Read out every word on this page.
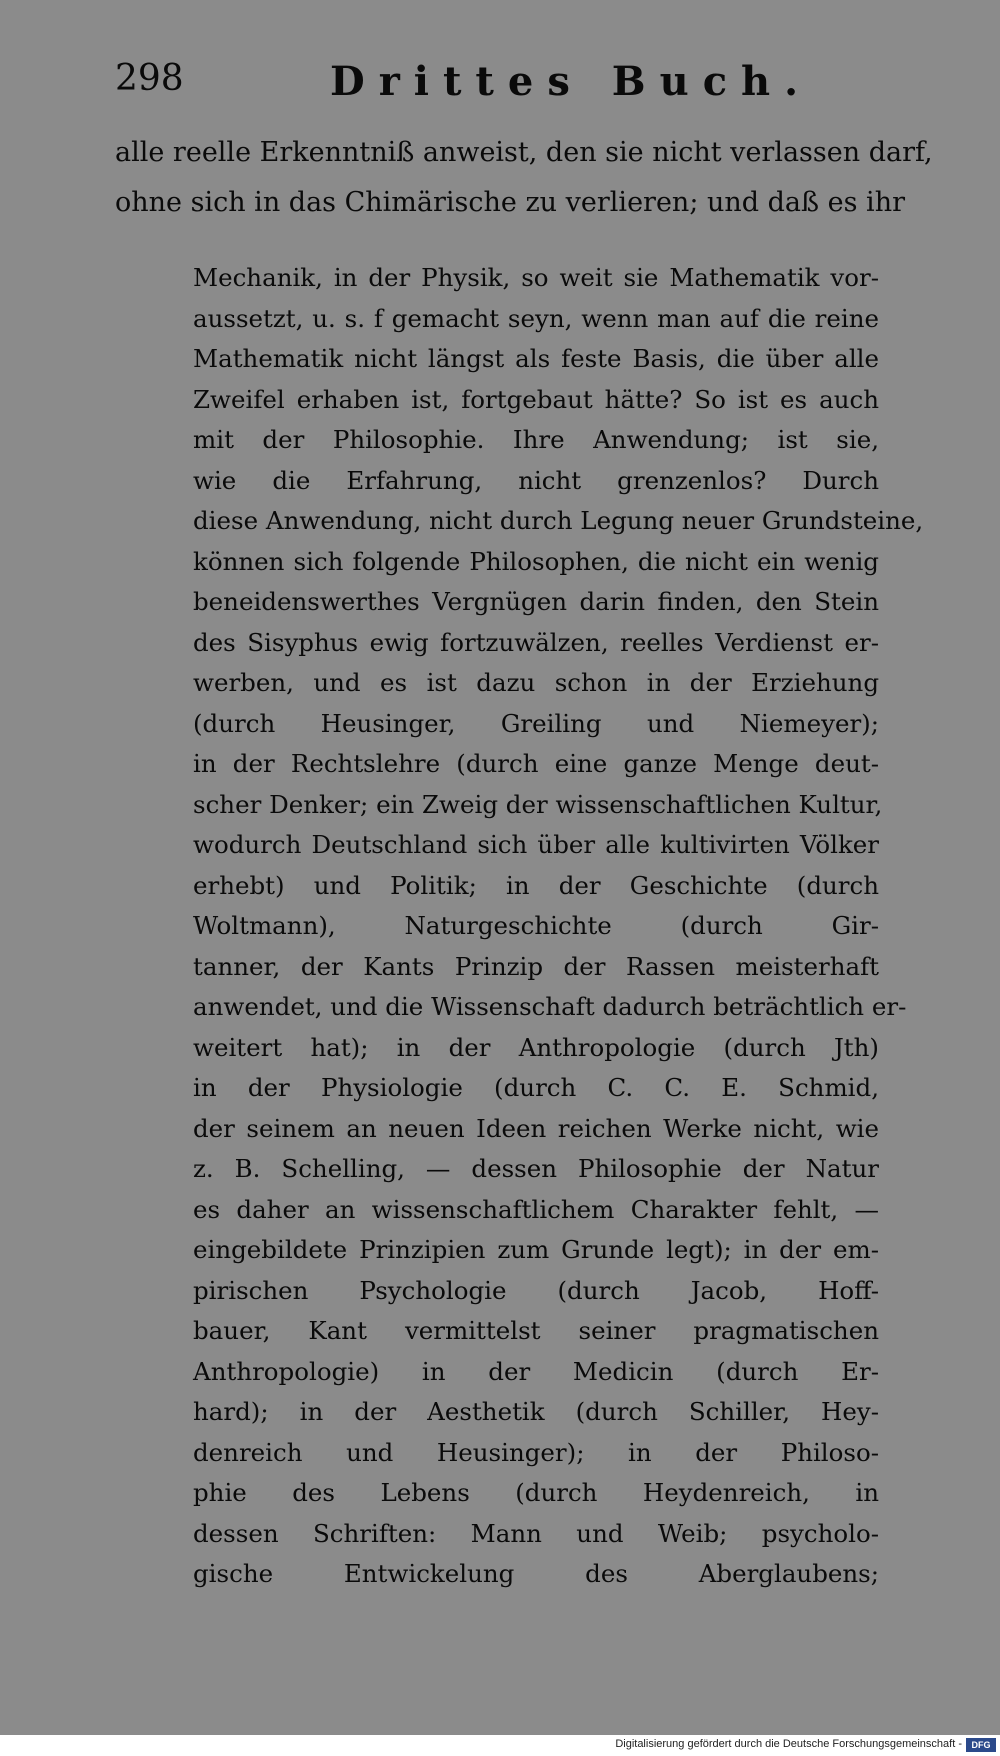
298	Drittes Buch.
alle reelle Erkenntniß anweist, den sie nicht verlassen darf,
ohne sich in das Chimärische zu verlieren; und daß es ihr
Mechanik, in der Physik, so weit sie Mathematik vor-
aussetzt, u. s. f gemacht seyn, wenn man auf die reine
Mathematik nicht längst als feste Basis, die über alle
Zweifel erhaben ist, fortgebaut hätte? So ist es auch
mit der Philosophie. Ihre Anwendung; ist sie,
wie die Erfahrung, nicht grenzenlos? Durch
diese Anwendung, nicht durch Legung neuer Grundsteine,
können sich folgende Philosophen, die nicht ein wenig
beneidenswerthes Vergnügen darin finden, den Stein
des Sisyphus ewig fortzuwälzen, reelles Verdienst er-
werben, und es ist dazu schon in der Erziehung
(durch Heusinger, Greiling und Niemeyer);
in der Rechtslehre (durch eine ganze Menge deut-
scher Denker; ein Zweig der wissenschaftlichen Kultur,
wodurch Deutschland sich über alle kultivirten Völker
erhebt) und Politik; in der Geschichte (durch
Woltmann), Naturgeschichte (durch Gir-
tanner, der Kants Prinzip der Rassen meisterhaft
anwendet, und die Wissenschaft dadurch beträchtlich er-
weitert hat); in der Anthropologie (durch Jth)
in der Physiologie (durch C. C. E. Schmid,
der seinem an neuen Ideen reichen Werke nicht, wie
z. B. Schelling, — dessen Philosophie der Natur
es daher an wissenschaftlichem Charakter fehlt, —
eingebildete Prinzipien zum Grunde legt); in der em-
pirischen Psychologie (durch Jacob, Hoff-
bauer, Kant vermittelst seiner pragmatischen
Anthropologie) in der Medicin (durch Er-
hard); in der Aesthetik (durch Schiller, Hey-
denreich und Heusinger); in der Philoso-
phie des Lebens (durch Heydenreich, in
dessen Schriften: Mann und Weib; psycholo-
gische Entwickelung des Aberglaubens;
Digitalisierung gefördert durch die Deutsche Forschungsgemeinschaft -	DFG
